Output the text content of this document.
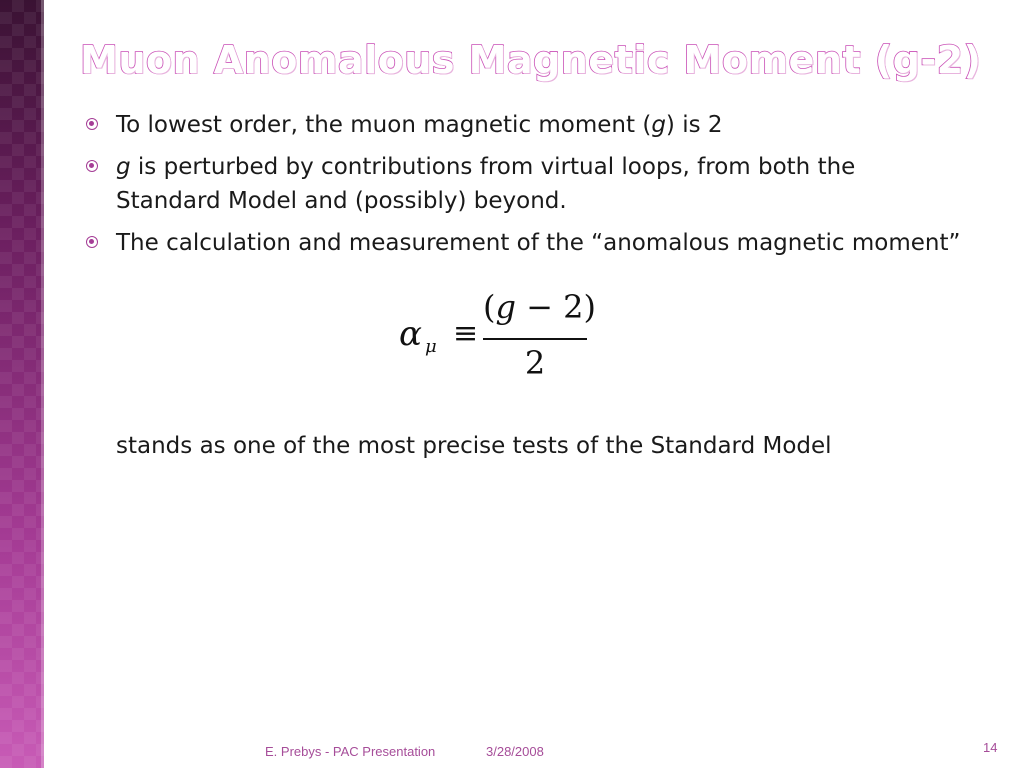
Muon Anomalous Magnetic Moment (g-2)
To lowest order, the muon magnetic moment (g) is 2
g is perturbed by contributions from virtual loops, from both the Standard Model and (possibly) beyond.
The calculation and measurement of the “anomalous magnetic moment”
α μ ≡
(g − 2)
2

stands as one of the most precise tests of the Standard Model

E. Prebys - PAC Presentation	3/28/2008	14
